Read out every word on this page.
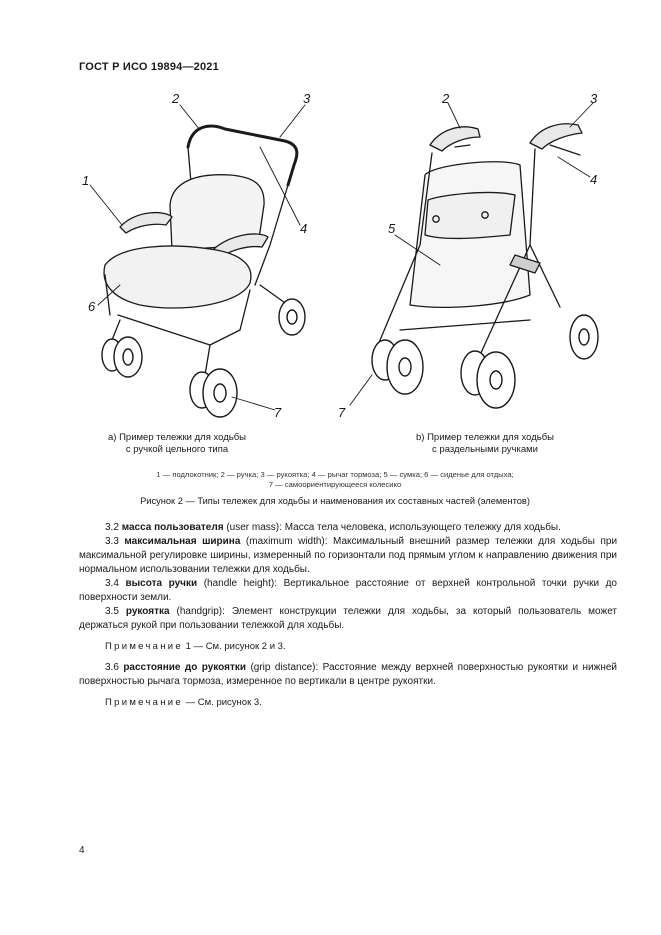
ГОСТ Р ИСО 19894—2021
1
2	3
4
6
7
2	3
4
5
7
а) Пример тележки для ходьбы
с ручкой цельного типа
b) Пример тележки для ходьбы
с раздельными ручками
1 — подлокотник; 2 — ручка; 3 — рукоятка; 4 — рычаг тормоза; 5 — сумка; 6 — сиденье для отдыха;
7 — самоориентирующееся колесико
Рисунок 2 — Типы тележек для ходьбы и наименования их составных частей (элементов)
3.2 масса пользователя (user mass): Масса тела человека, использующего тележку для ходьбы.
3.3 максимальная ширина (maximum width): Максимальный внешний размер тележки для ходьбы при максимальной регулировке ширины, измеренный по горизонтали под прямым углом к направлению движения при нормальном использовании тележки для ходьбы.
3.4 высота ручки (handle height): Вертикальное расстояние от верхней контрольной точки ручки до поверхности земли.
3.5 рукоятка (handgrip): Элемент конструкции тележки для ходьбы, за который пользователь может держаться рукой при пользовании тележкой для ходьбы.
Примечание 1 — См. рисунок 2 и 3.
3.6 расстояние до рукоятки (grip distance): Расстояние между верхней поверхностью рукоятки и нижней поверхностью рычага тормоза, измеренное по вертикали в центре рукоятки.
Примечание — См. рисунок 3.
4
